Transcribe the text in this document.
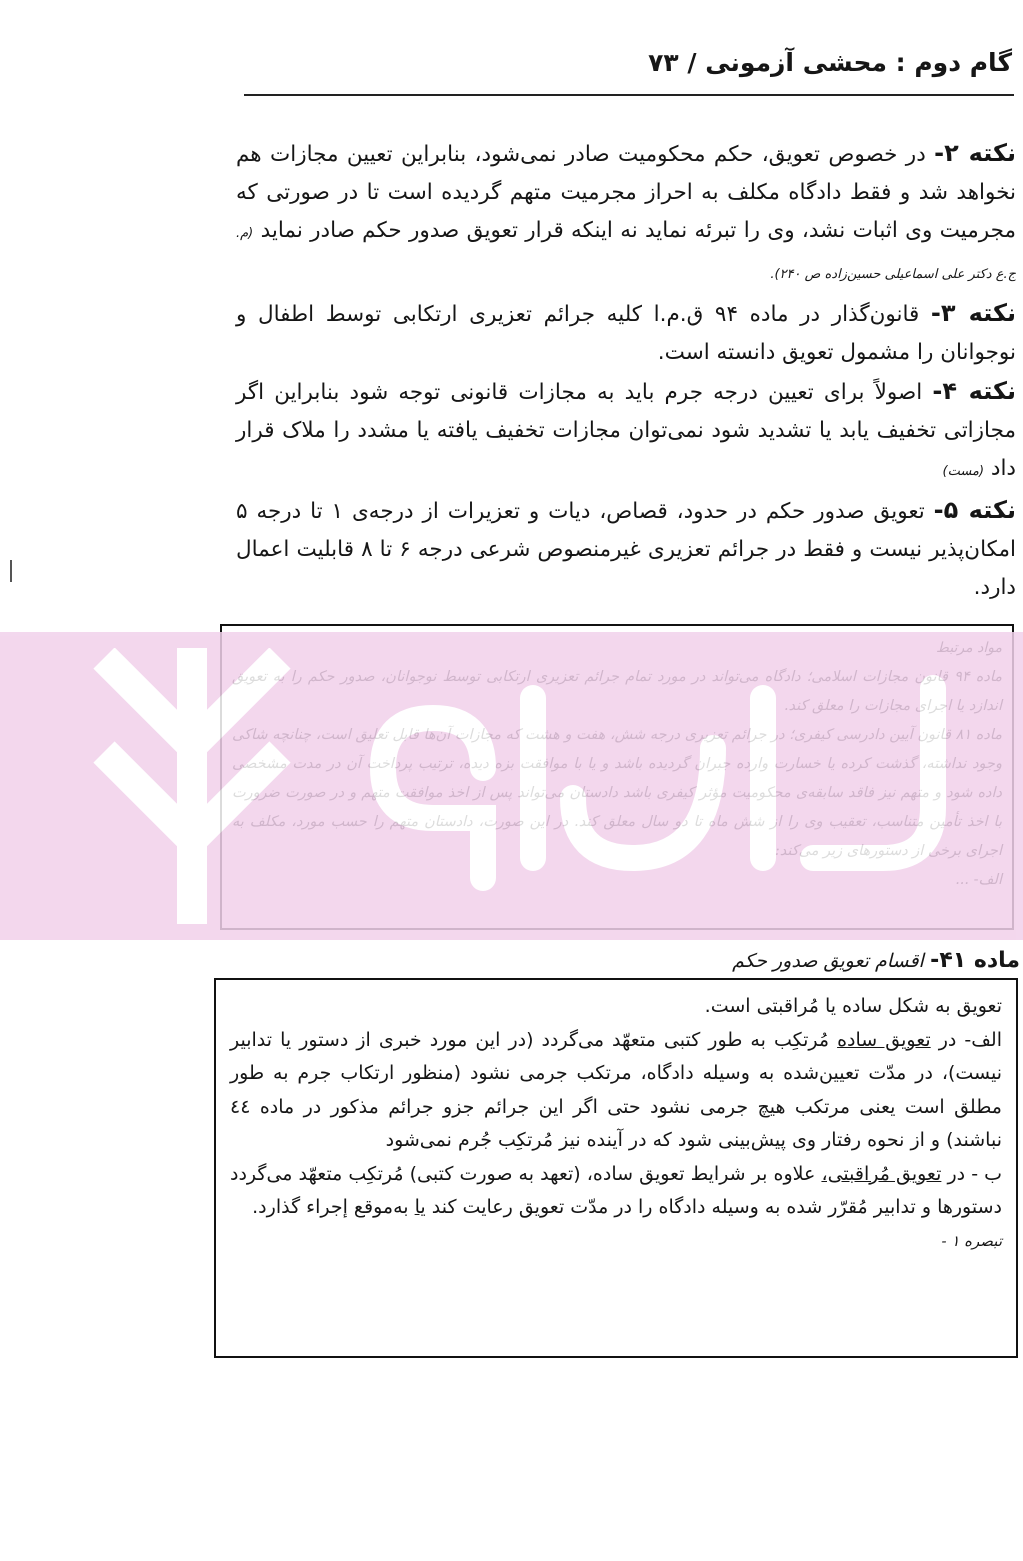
گام دوم : محشی آزمونی / ۷۳

نکته ۲- در خصوص تعویق، حکم محکومیت صادر نمی‌شود، بنابراین تعیین مجازات هم نخواهد شد و فقط دادگاه مکلف به احراز مجرمیت متهم گردیده است تا در صورتی که مجرمیت وی اثبات نشد، وی را تبرئه نماید نه اینکه قرار تعویق صدور حکم صادر نماید (م. ج.ع دکتر علی اسماعیلی حسین‌زاده ص ۲۴۰).

نکته ۳- قانون‌گذار در ماده ۹۴ ق.م.ا کلیه جرائم تعزیری ارتکابی توسط اطفال و نوجوانان را مشمول تعویق دانسته است.

نکته ۴- اصولاً برای تعیین درجه جرم باید به مجازات قانونی توجه شود بنابراین اگر مجازاتی تخفیف یابد یا تشدید شود نمی‌توان مجازات تخفیف یافته یا مشدد را ملاک قرار داد (مست)

نکته ۵- تعویق صدور حکم در حدود، قصاص، دیات و تعزیرات از درجه‌ی ۱ تا درجه ۵ امکان‌پذیر نیست و فقط در جرائم تعزیری غیرمنصوص شرعی درجه ۶ تا ۸ قابلیت اعمال دارد.

ماده ۴۱- اقسام تعویق صدور حکم

تعویق به شکل ساده یا مُراقبتی است.

الف- در تعویق ساده مُرتکِب به طور کتبی متعهّد می‌گردد (در این مورد خبری از دستور یا تدابیر نیست)، در مدّت تعیین‌شده به وسیله دادگاه، مرتکب جرمی نشود (منظور ارتکاب جرم به طور مطلق است یعنی مرتکب هیچ جرمی نشود حتی اگر این جرائم جزو جرائم مذکور در ماده ٤٤ نباشند) و از نحوه رفتار وی پیش‌بینی شود که در آینده نیز مُرتکِب جُرم نمی‌شود

ب - در تعویق مُراقبتی، علاوه بر شرایط تعویق ساده، (تعهد به صورت کتبی) مُرتکِب متعهّد می‌گردد دستورها و تدابیر مُقرّر شده به وسیله دادگاه را در مدّت تعویق رعایت کند یا به‌موقع إجراء گذارد.

تبصره ۱ -
